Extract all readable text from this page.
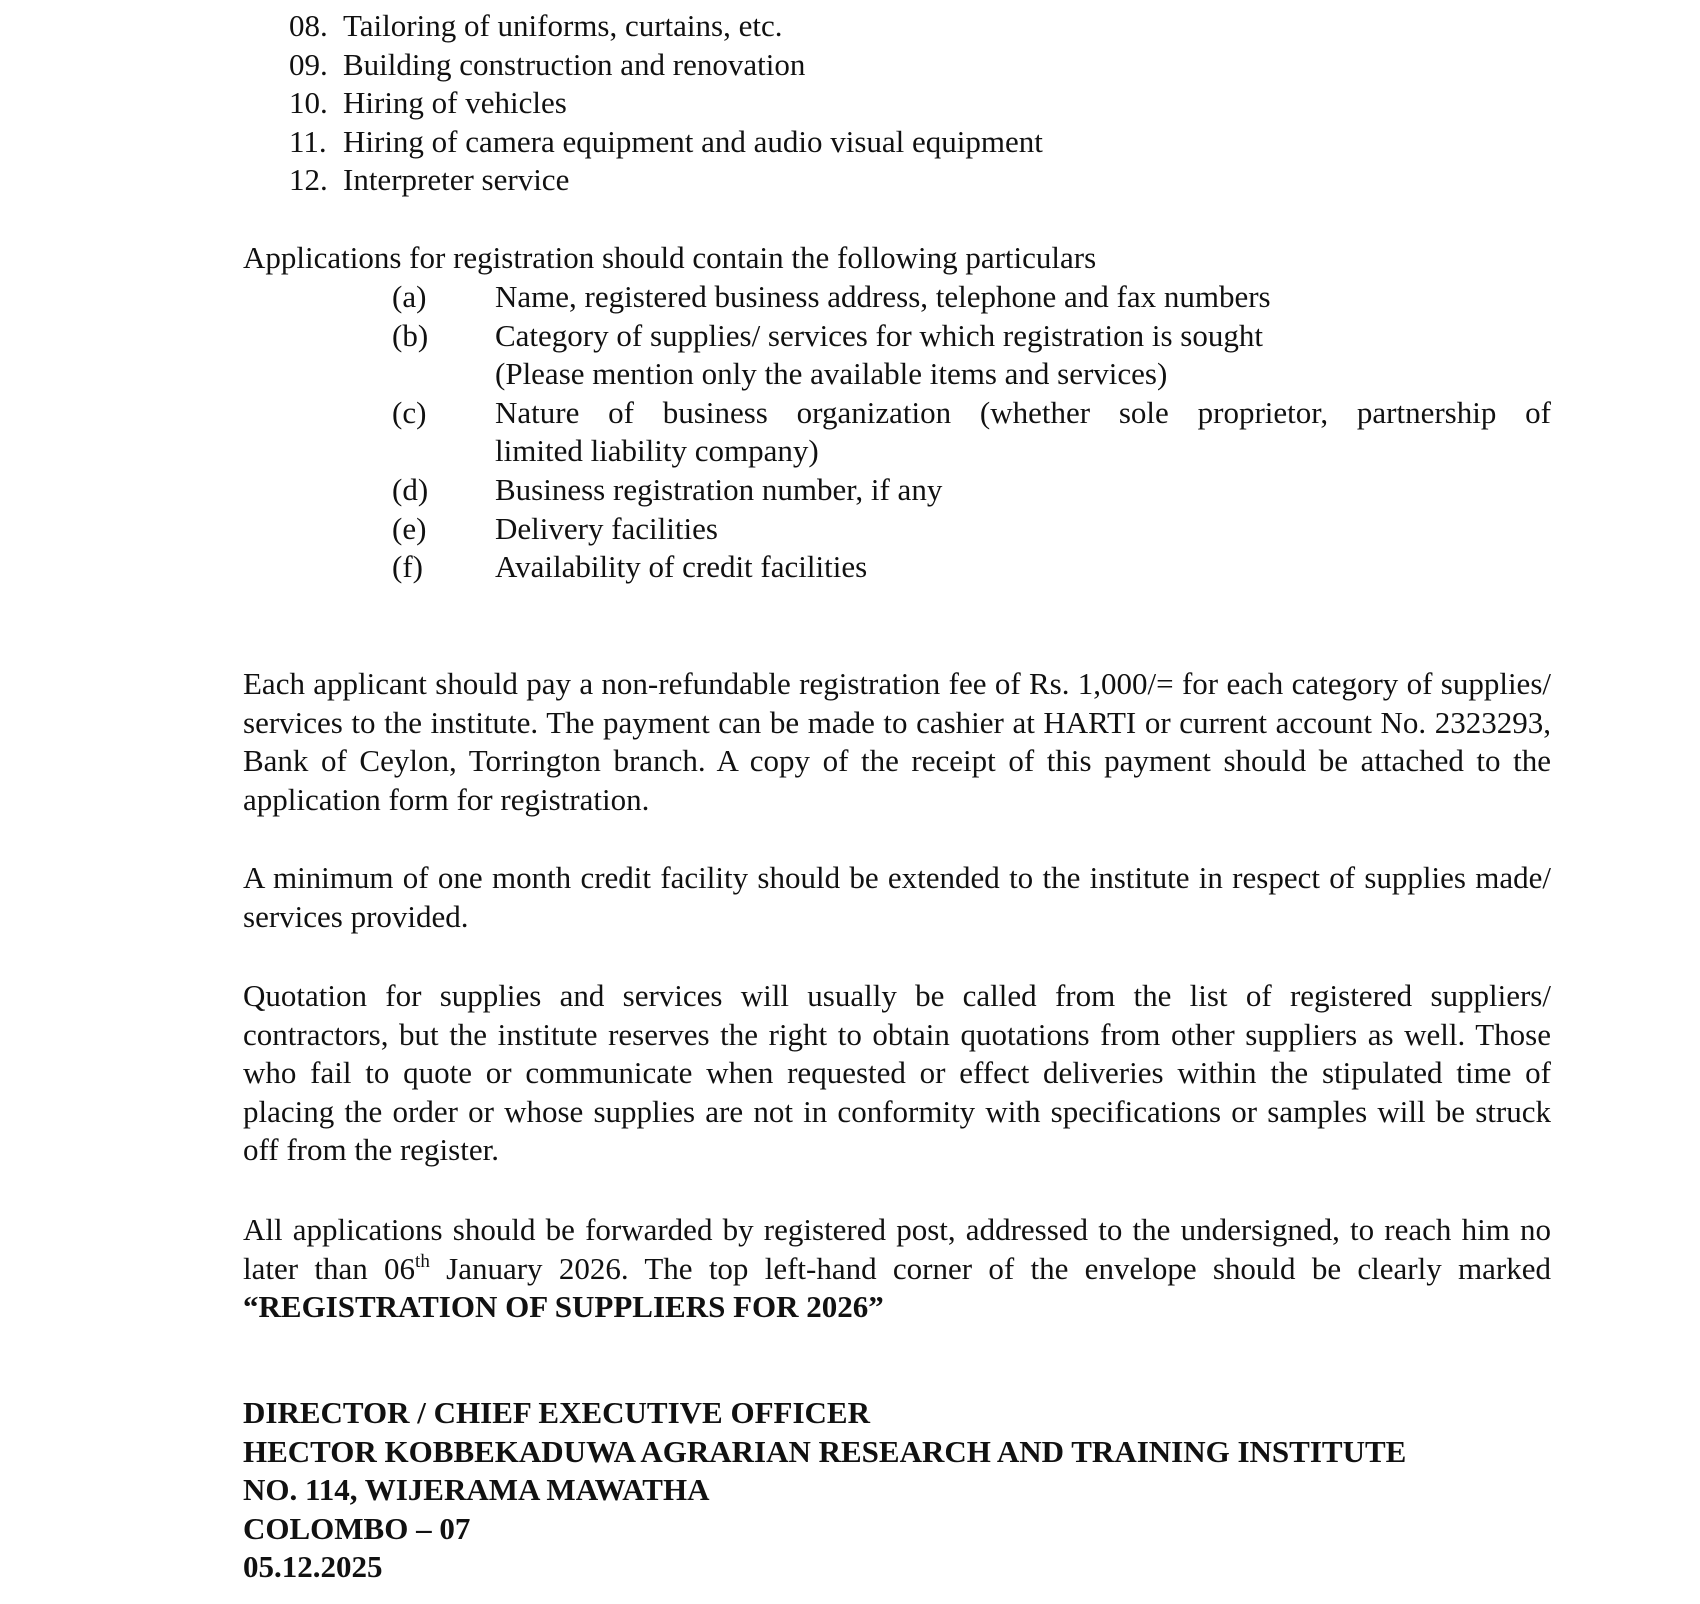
08. Tailoring of uniforms, curtains, etc.
09. Building construction and renovation
10. Hiring of vehicles
11. Hiring of camera equipment and audio visual equipment
12. Interpreter service
Applications for registration should contain the following particulars
(a)	Name, registered business address, telephone and fax numbers
(b)	Category of supplies/ services for which registration is sought
(Please mention only the available items and services)
(c)	Nature of business organization (whether sole proprietor, partnership of
limited liability company)
(d)	Business registration number, if any
(e)	Delivery facilities
(f)	Availability of credit facilities
Each applicant should pay a non-refundable registration fee of Rs. 1,000/= for each category of supplies/ services to the institute. The payment can be made to cashier at HARTI or current account No. 2323293, Bank of Ceylon, Torrington branch. A copy of the receipt of this payment should be attached to the application form for registration.
A minimum of one month credit facility should be extended to the institute in respect of supplies made/ services provided.
Quotation for supplies and services will usually be called from the list of registered suppliers/ contractors, but the institute reserves the right to obtain quotations from other suppliers as well. Those who fail to quote or communicate when requested or effect deliveries within the stipulated time of placing the order or whose supplies are not in conformity with specifications or samples will be struck off from the register.
All applications should be forwarded by registered post, addressed to the undersigned, to reach him no later than 06th January 2026. The top left-hand corner of the envelope should be clearly marked “REGISTRATION OF SUPPLIERS FOR 2026”
DIRECTOR / CHIEF EXECUTIVE OFFICER
HECTOR KOBBEKADUWA AGRARIAN RESEARCH AND TRAINING INSTITUTE
NO. 114, WIJERAMA MAWATHA
COLOMBO – 07
05.12.2025
